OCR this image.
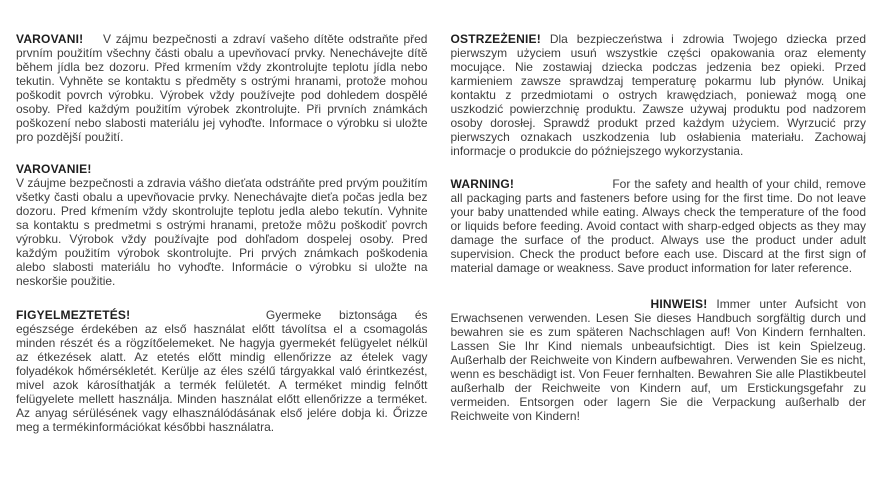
VAROVANI! V zájmu bezpečnosti a zdraví vašeho dítěte odstraňte před prvním použitím všechny části obalu a upevňovací prvky. Nenechávejte dítě během jídla bez dozoru. Před krmením vždy zkontrolujte teplotu jídla nebo tekutin. Vyhněte se kontaktu s předměty s ostrými hranami, protože mohou poškodit povrch výrobku. Výrobek vždy používejte pod dohledem dospělé osoby. Před každým použitím výrobek zkontrolujte. Při prvních známkách poškození nebo slabosti materiálu jej vyhoďte. Informace o výrobku si uložte pro pozdější použití.

VAROVANIE!

V záujme bezpečnosti a zdravia vášho dieťata odstráňte pred prvým použitím všetky časti obalu a upevňovacie prvky. Nenechávajte dieťa počas jedla bez dozoru. Pred kŕmením vždy skontrolujte teplotu jedla alebo tekutín. Vyhnite sa kontaktu s predmetmi s ostrými hranami, pretože môžu poškodiť povrch výrobku. Výrobok vždy používajte pod dohľadom dospelej osoby. Pred každým použitím výrobok skontrolujte. Pri prvých známkach poškodenia alebo slabosti materiálu ho vyhoďte. Informácie o výrobku si uložte na neskoršie použitie.

FIGYELMEZTETÉS!	Gyermeke biztonsága és egészsége érdekében az első használat előtt távolítsa el a csomagolás minden részét és a rögzítőelemeket. Ne hagyja gyermekét felügyelet nélkül az étkezések alatt. Az etetés előtt mindig ellenőrizze az ételek vagy folyadékok hőmérsékletét. Kerülje az éles szélű tárgyakkal való érintkezést, mivel azok károsíthatják a termék felületét. A terméket mindig felnőtt felügyelete mellett használja. Minden használat előtt ellenőrizze a terméket. Az anyag sérülésének vagy elhasználódásának első jelére dobja ki. Őrizze meg a termékinformációkat későbbi használatra.

OSTRZEŻENIE! Dla bezpieczeństwa i zdrowia Twojego dziecka przed pierwszym użyciem usuń wszystkie części opakowania oraz elementy mocujące. Nie zostawiaj dziecka podczas jedzenia bez opieki. Przed karmieniem zawsze sprawdzaj temperaturę pokarmu lub płynów. Unikaj kontaktu z przedmiotami o ostrych krawędziach, ponieważ mogą one uszkodzić powierzchnię produktu. Zawsze używaj produktu pod nadzorem osoby dorosłej. Sprawdź produkt przed każdym użyciem. Wyrzucić przy pierwszych oznakach uszkodzenia lub osłabienia materiału. Zachowaj informacje o produkcie do późniejszego wykorzystania.

WARNING!	For the safety and health of your child, remove all packaging parts and fasteners before using for the first time. Do not leave your baby unattended while eating. Always check the temperature of the food or liquids before feeding. Avoid contact with sharp-edged objects as they may damage the surface of the product. Always use the product under adult supervision. Check the product before each use. Discard at the first sign of material damage or weakness. Save product information for later reference.

HINWEIS! Immer unter Aufsicht von Erwachsenen verwenden. Lesen Sie dieses Handbuch sorgfältig durch und bewahren sie es zum späteren Nachschlagen auf! Von Kindern fernhalten. Lassen Sie Ihr Kind niemals unbeaufsichtigt. Dies ist kein Spielzeug. Außerhalb der Reichweite von Kindern aufbewahren. Verwenden Sie es nicht, wenn es beschädigt ist. Von Feuer fernhalten. Bewahren Sie alle Plastikbeutel außerhalb der Reichweite von Kindern auf, um Erstickungsgefahr zu vermeiden. Entsorgen oder lagern Sie die Verpackung außerhalb der Reichweite von Kindern!
